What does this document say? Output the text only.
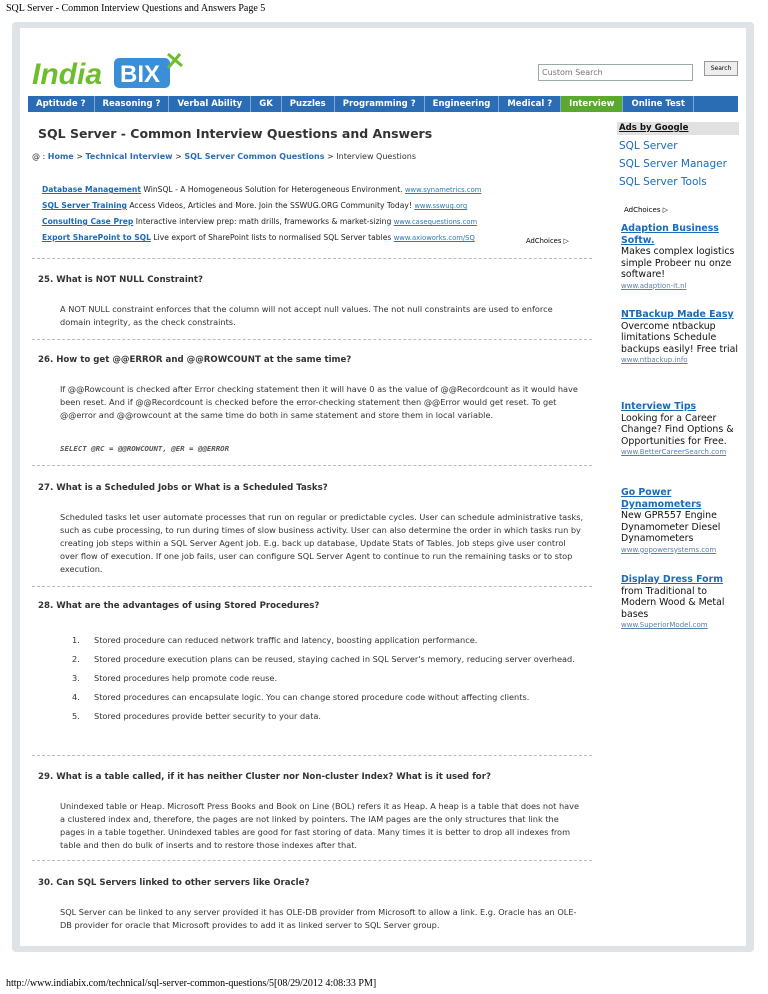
SQL Server - Common Interview Questions and Answers Page 5
India BIX
Custom Search	Search
Aptitude ?	Reasoning ?	Verbal Ability	GK	Puzzles	Programming ?	Engineering	Medical ?	Interview	Online Test
SQL Server - Common Interview Questions and Answers
@ : Home > Technical Interview > SQL Server Common Questions > Interview Questions
Database Management WinSQL - A Homogeneous Solution for Heterogeneous Environment. www.synametrics.com
SQL Server Training Access Videos, Articles and More. Join the SSWUG.ORG Community Today! www.sswug.org
Consulting Case Prep Interactive interview prep: math drills, frameworks & market-sizing www.casequestions.com
Export SharePoint to SQL Live export of SharePoint lists to normalised SQL Server tables www.axioworks.com/SQ	AdChoices ▷
25. What is NOT NULL Constraint?
A NOT NULL constraint enforces that the column will not accept null values. The not null constraints are used to enforce domain integrity, as the check constraints.
26. How to get @@ERROR and @@ROWCOUNT at the same time?
If @@Rowcount is checked after Error checking statement then it will have 0 as the value of @@Recordcount as it would have been reset. And if @@Recordcount is checked before the error-checking statement then @@Error would get reset. To get @@error and @@rowcount at the same time do both in same statement and store them in local variable.
SELECT @RC = @@ROWCOUNT, @ER = @@ERROR
27. What is a Scheduled Jobs or What is a Scheduled Tasks?
Scheduled tasks let user automate processes that run on regular or predictable cycles. User can schedule administrative tasks, such as cube processing, to run during times of slow business activity. User can also determine the order in which tasks run by creating job steps within a SQL Server Agent job. E.g. back up database, Update Stats of Tables. Job steps give user control over flow of execution. If one job fails, user can configure SQL Server Agent to continue to run the remaining tasks or to stop execution.
28. What are the advantages of using Stored Procedures?
1.	Stored procedure can reduced network traffic and latency, boosting application performance.
2.	Stored procedure execution plans can be reused, staying cached in SQL Server's memory, reducing server overhead.
3.	Stored procedures help promote code reuse.
4.	Stored procedures can encapsulate logic. You can change stored procedure code without affecting clients.
5.	Stored procedures provide better security to your data.
29. What is a table called, if it has neither Cluster nor Non-cluster Index? What is it used for?
Unindexed table or Heap. Microsoft Press Books and Book on Line (BOL) refers it as Heap. A heap is a table that does not have a clustered index and, therefore, the pages are not linked by pointers. The IAM pages are the only structures that link the pages in a table together. Unindexed tables are good for fast storing of data. Many times it is better to drop all indexes from table and then do bulk of inserts and to restore those indexes after that.
30. Can SQL Servers linked to other servers like Oracle?
SQL Server can be linked to any server provided it has OLE-DB provider from Microsoft to allow a link. E.g. Oracle has an OLE-DB provider for oracle that Microsoft provides to add it as linked server to SQL Server group.
Ads by Google
SQL Server
SQL Server Manager
SQL Server Tools
AdChoices ▷
Adaption Business Softw.
Makes complex logistics simple Probeer nu onze software!
www.adaption-it.nl
NTBackup Made Easy
Overcome ntbackup limitations Schedule backups easily! Free trial
www.ntbackup.info
Interview Tips
Looking for a Career Change? Find Options & Opportunities for Free.
www.BetterCareerSearch.com
Go Power Dynamometers
New GPR557 Engine Dynamometer Diesel Dynamometers
www.gopowersystems.com
Display Dress Form
from Traditional to Modern Wood & Metal bases
www.SuperiorModel.com
http://www.indiabix.com/technical/sql-server-common-questions/5[08/29/2012 4:08:33 PM]
